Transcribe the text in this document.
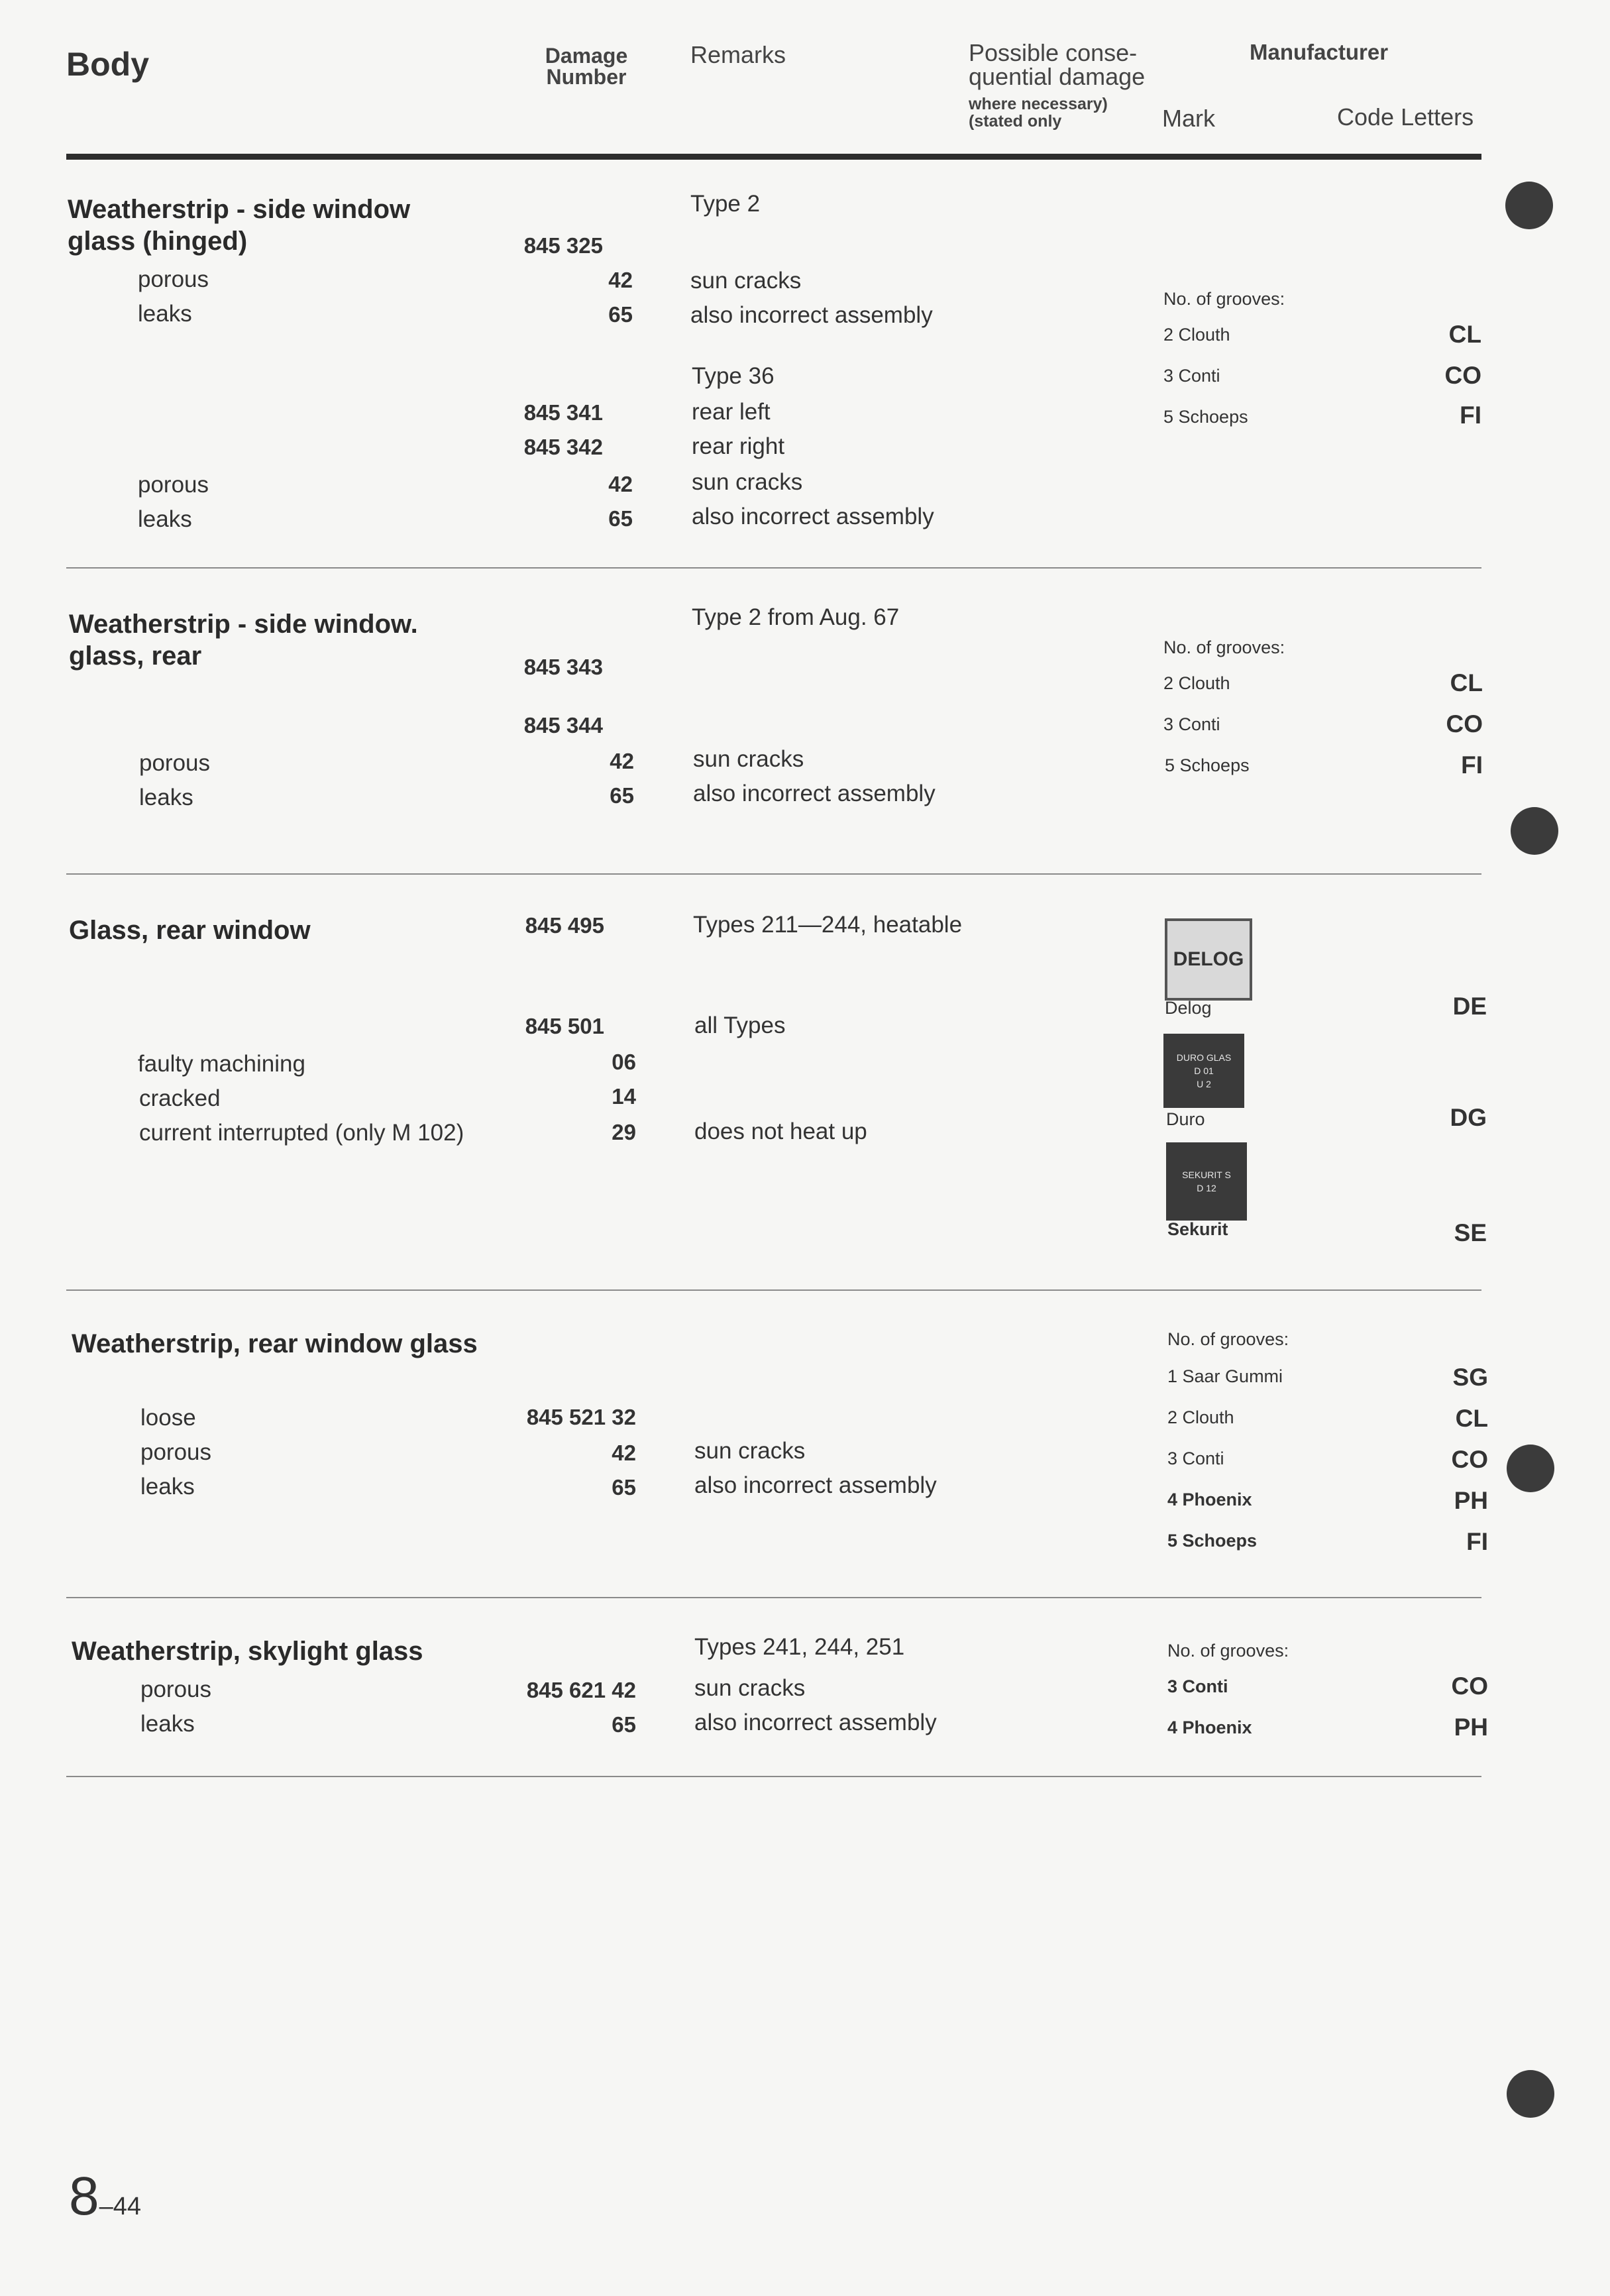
Body	Damage
Number
Remarks	Possible conse-
quential damage
where necessary)
(stated only
Manufacturer
Mark	Code Letters
Weatherstrip - side window
glass (hinged)
Type 2
845 325
porous	42 sun cracks
leaks	65 also incorrect assembly
Type 36
845 341	rear left
845 342	rear right
porous	42	sun cracks
leaks	65	also incorrect assembly
No. of grooves:
2 Clouth	CL
3 Conti	CO
5 Schoeps	FI
Weatherstrip - side window.
glass, rear
Type 2 from Aug. 67
845 343
845 344
porous	42	sun cracks
leaks	65	also incorrect assembly
No. of grooves:
2 Clouth	CL
3 Conti	CO
5 Schoeps	FI
Glass, rear window	845 495	Types 211—244, heatable
845 501	all Types
faulty machining	06
cracked	14
current interrupted (only M 102)	29	does not heat up
DELOG
Delog	DE
DURO GLAS
D 01
U 2
Duro	DG
SEKURIT S
D 12
Sekurit	SE
Weatherstrip, rear window glass
loose	845 521 32
porous	42	sun cracks
leaks	65	also incorrect assembly
No. of grooves:
1 Saar Gummi	SG
2 Clouth	CL
3 Conti	CO
4 Phoenix	PH
5 Schoeps	FI
Weatherstrip, skylight glass	Types 241, 244, 251
porous	845 621 42	sun cracks
leaks	65	also incorrect assembly
No. of grooves:
3 Conti	CO
4 Phoenix	PH
8–44
